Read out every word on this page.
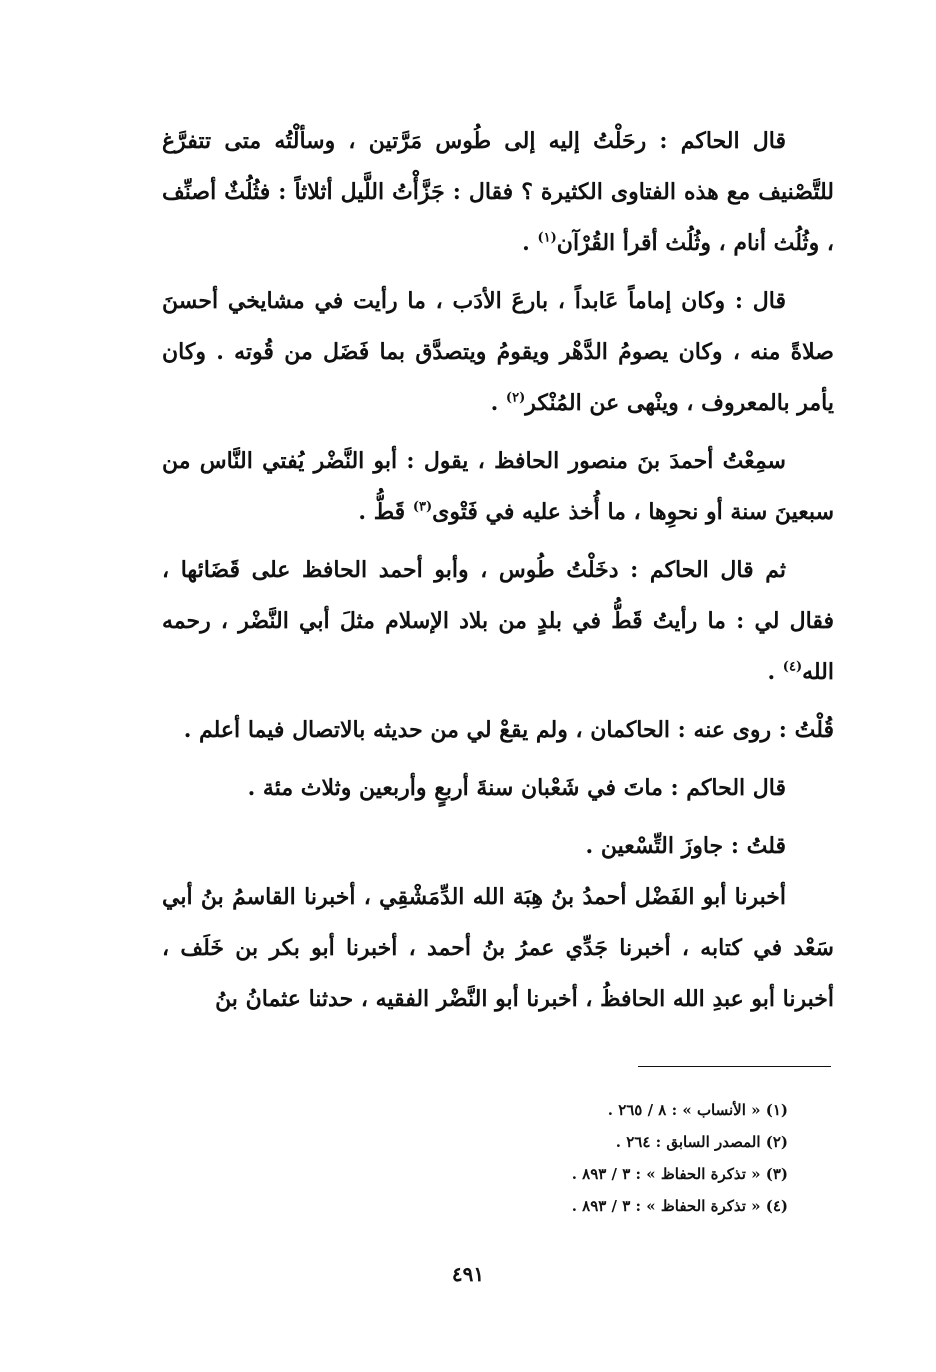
قال الحاكم : رحَلْتُ إليه إلى طُوس مَرَّتين ، وسألْتُه متى تتفرَّغ للتَّصْنيف مع هذه الفتاوى الكثيرة ؟ فقال : جَزَّأْتُ اللَّيل أثلاثاً : فثُلُثٌ أصنِّف ، وثُلُث أنام ، وثُلُث أقرأ القُرْآن$^{(١)}$ .

قال : وكان إماماً عَابداً ، بارعَ الأدَب ، ما رأيت في مشايخي أحسنَ صلاةً منه ، وكان يصومُ الدَّهْر ويقومُ ويتصدَّق بما فَضَل من قُوته . وكان يأمر بالمعروف ، وينْهى عن المُنْكر$^{(٢)}$ .

سمِعْتُ أحمدَ بنَ منصور الحافظ ، يقول : أبو النَّضْر يُفتي النَّاس من سبعينَ سنة أو نحوِها ، ما أُخذ عليه في فَتْوى$^{(٣)}$ قَطُّ .

ثم قال الحاكم : دخَلْتُ طُوس ، وأبو أحمد الحافظ على قَضَائها ، فقال لي : ما رأيتُ قَطُّ في بلدٍ من بلاد الإسلام مثلَ أبي النَّضْر ، رحمه الله$^{(٤)}$ .

قُلْتُ : روى عنه : الحاكمان ، ولم يقعْ لي من حديثه بالاتصال فيما أعلم .

قال الحاكم : ماتَ في شَعْبان سنةَ أربعٍ وأربعين وثلاث مئة .

قلتُ : جاوزَ التِّسْعين .

أخبرنا أبو الفَضْل أحمدُ بنُ هِبَة الله الدِّمَشْقِي ، أخبرنا القاسمُ بنُ أبي سَعْد في كتابه ، أخبرنا جَدِّي عمرُ بنُ أحمد ، أخبرنا أبو بكر بن خَلَف ، أخبرنا أبو عبدِ الله الحافظُ ، أخبرنا أبو النَّضْر الفقيه ، حدثنا عثمانُ بنُ

(١) « الأنساب » : ٨ / ٢٦٥ .

(٢) المصدر السابق : ٢٦٤ .

(٣) « تذكرة الحفاظ » : ٣ / ٨٩٣ .

(٤) « تذكرة الحفاظ » : ٣ / ٨٩٣ .

٤٩١
